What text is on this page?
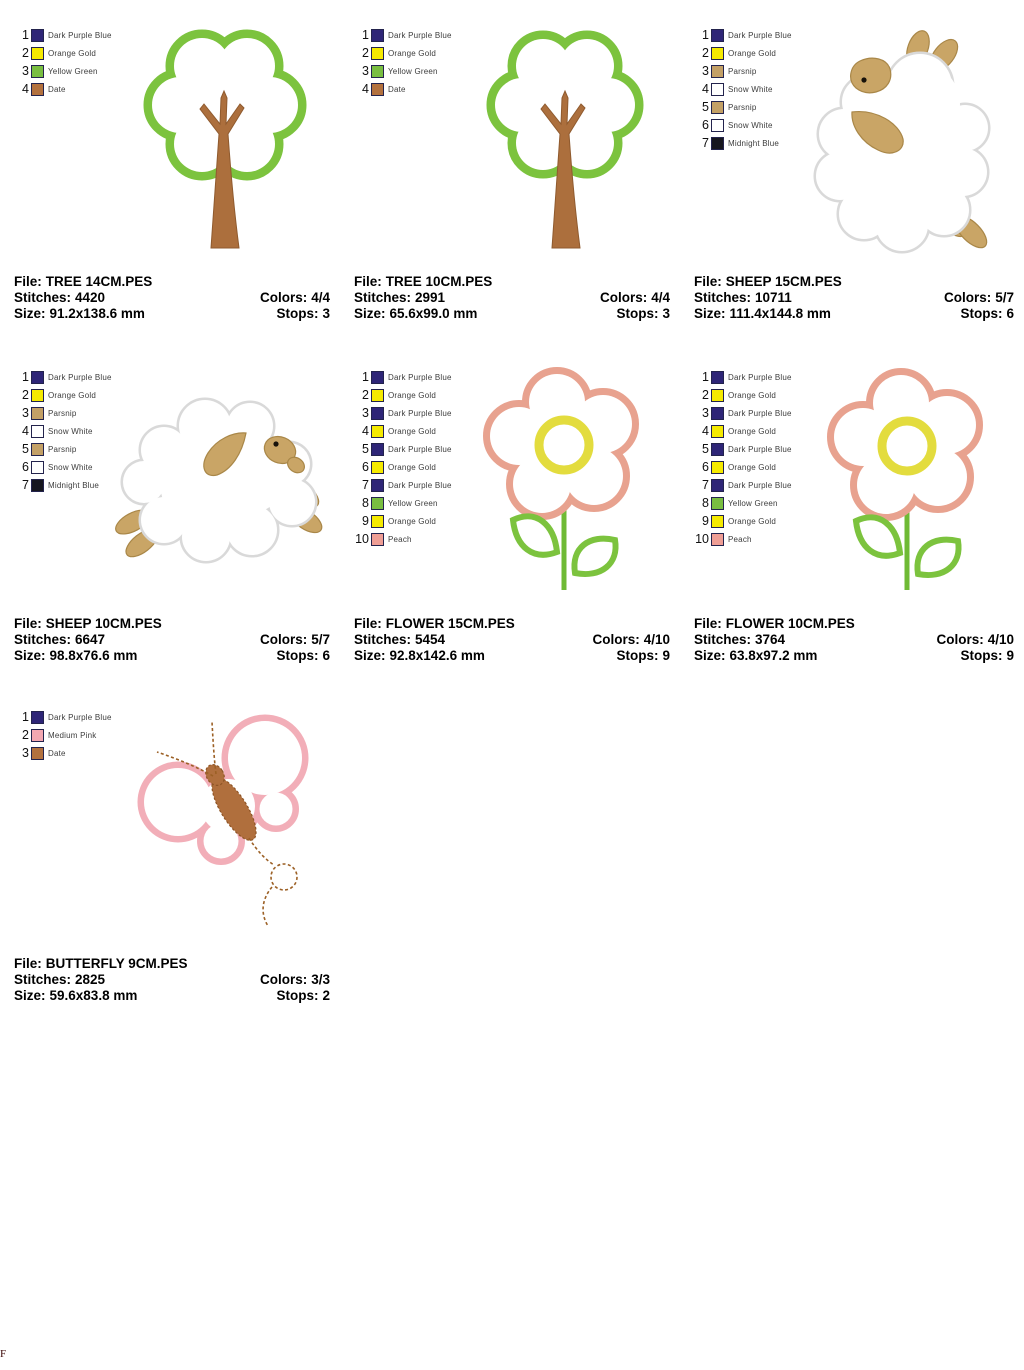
1 Dark Purple Blue
2 Orange Gold
3 Yellow Green
4 Date
File: TREE 14CM.PES
Stitches: 4420	Colors: 4/4
Size: 91.2x138.6 mm	Stops: 3
1 Dark Purple Blue
2 Orange Gold
3 Yellow Green
4 Date
File: TREE 10CM.PES
Stitches: 2991	Colors: 4/4
Size: 65.6x99.0 mm	Stops: 3
1 Dark Purple Blue
2 Orange Gold
3 Parsnip
4 Snow White
5 Parsnip
6 Snow White
7 Midnight Blue
File: SHEEP 15CM.PES
Stitches: 10711	Colors: 5/7
Size: 111.4x144.8 mm	Stops: 6
1 Dark Purple Blue
2 Orange Gold
3 Parsnip
4 Snow White
5 Parsnip
6 Snow White
7 Midnight Blue
File: SHEEP 10CM.PES
Stitches: 6647	Colors: 5/7
Size: 98.8x76.6 mm	Stops: 6
1 Dark Purple Blue
2 Orange Gold
3 Dark Purple Blue
4 Orange Gold
5 Dark Purple Blue
6 Orange Gold
7 Dark Purple Blue
8 Yellow Green
9 Orange Gold
10 Peach
File: FLOWER 15CM.PES
Stitches: 5454	Colors: 4/10
Size: 92.8x142.6 mm	Stops: 9
1 Dark Purple Blue
2 Orange Gold
3 Dark Purple Blue
4 Orange Gold
5 Dark Purple Blue
6 Orange Gold
7 Dark Purple Blue
8 Yellow Green
9 Orange Gold
10 Peach
File: FLOWER 10CM.PES
Stitches: 3764	Colors: 4/10
Size: 63.8x97.2 mm	Stops: 9
1 Dark Purple Blue
2 Medium Pink
3 Date
File: BUTTERFLY 9CM.PES
Stitches: 2825	Colors: 3/3
Size: 59.6x83.8 mm	Stops: 2
F
